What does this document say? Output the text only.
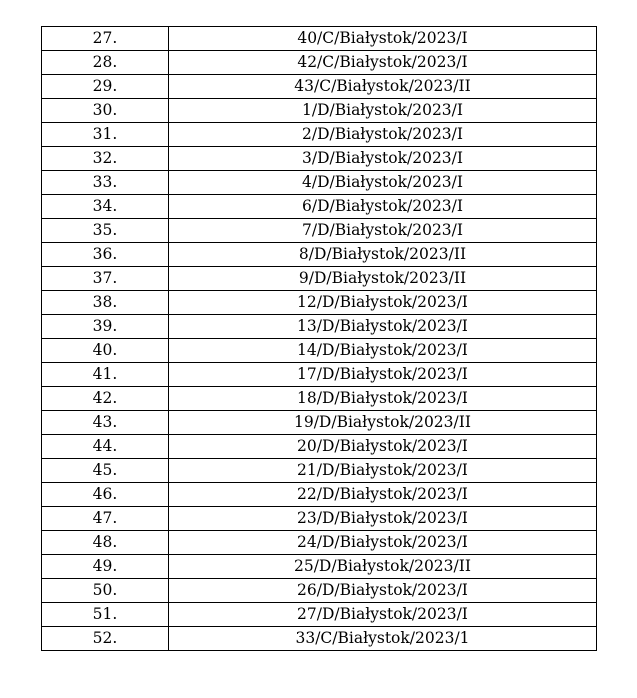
27.	40/C/Białystok/2023/I
28.	42/C/Białystok/2023/I
29.	43/C/Białystok/2023/II
30.	1/D/Białystok/2023/I
31.	2/D/Białystok/2023/I
32.	3/D/Białystok/2023/I
33.	4/D/Białystok/2023/I
34.	6/D/Białystok/2023/I
35.	7/D/Białystok/2023/I
36.	8/D/Białystok/2023/II
37.	9/D/Białystok/2023/II
38.	12/D/Białystok/2023/I
39.	13/D/Białystok/2023/I
40.	14/D/Białystok/2023/I
41.	17/D/Białystok/2023/I
42.	18/D/Białystok/2023/I
43.	19/D/Białystok/2023/II
44.	20/D/Białystok/2023/I
45.	21/D/Białystok/2023/I
46.	22/D/Białystok/2023/I
47.	23/D/Białystok/2023/I
48.	24/D/Białystok/2023/I
49.	25/D/Białystok/2023/II
50.	26/D/Białystok/2023/I
51.	27/D/Białystok/2023/I
52.	33/C/Białystok/2023/1
